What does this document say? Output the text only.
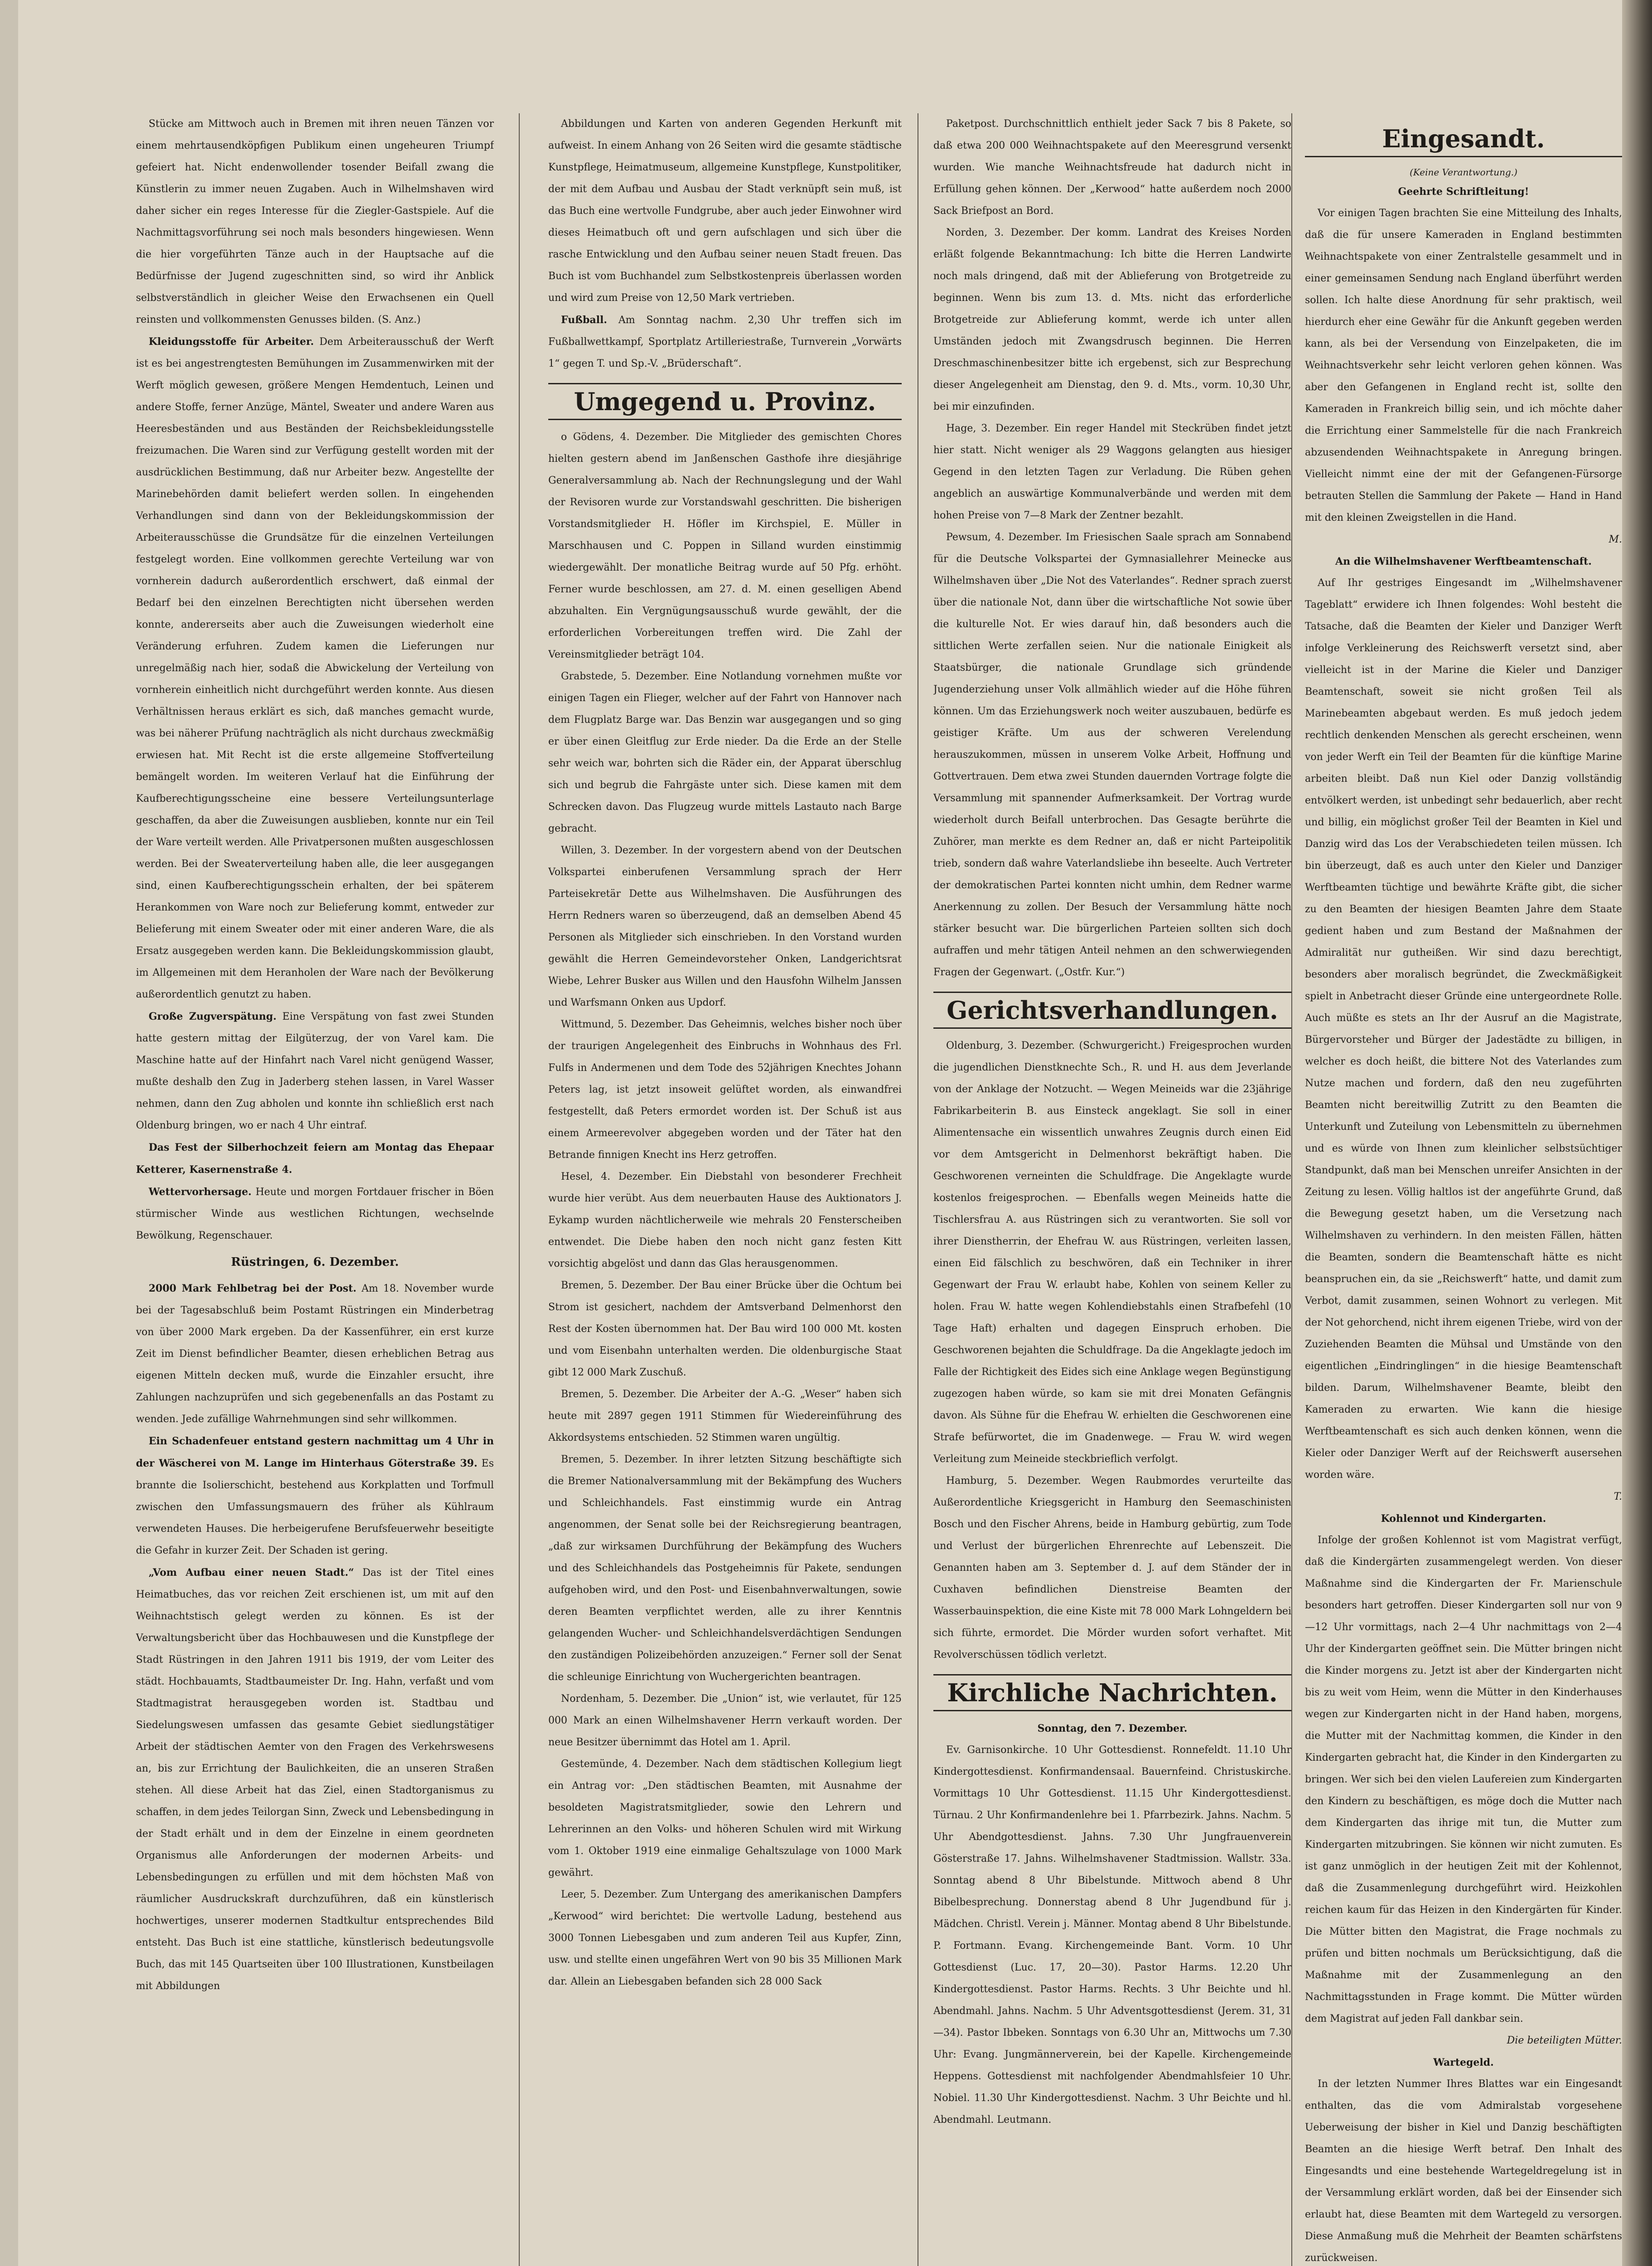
Stücke am Mittwoch auch in Bremen mit ihren neuen Tänzen vor einem mehrtausendköpfigen Publikum einen ungeheuren Triumpf gefeiert hat. Nicht endenwollender tosender Beifall zwang die Künstlerin zu immer neuen Zugaben. Auch in Wilhelmshaven wird daher sicher ein reges Interesse für die Ziegler-Gastspiele. Auf die Nachmittagsvorführung sei noch mals besonders hingewiesen. Wenn die hier vorgeführten Tänze auch in der Hauptsache auf die Bedürfnisse der Jugend zugeschnitten sind, so wird ihr Anblick selbstverständlich in gleicher Weise den Erwachsenen ein Quell reinsten und vollkommensten Genusses bilden. (S. Anz.)

Kleidungsstoffe für Arbeiter. Dem Arbeiterausschuß der Werft ist es bei angestrengtesten Bemühungen im Zusammenwirken mit der Werft möglich gewesen, größere Mengen Hemdentuch, Leinen und andere Stoffe, ferner Anzüge, Mäntel, Sweater und andere Waren aus Heeresbeständen und aus Beständen der Reichsbekleidungsstelle freizumachen. Die Waren sind zur Verfügung gestellt worden mit der ausdrücklichen Bestimmung, daß nur Arbeiter bezw. Angestellte der Marinebehörden damit beliefert werden sollen. In eingehenden Verhandlungen sind dann von der Bekleidungskommission der Arbeiterausschüsse die Grundsätze für die einzelnen Verteilungen festgelegt worden. Eine vollkommen gerechte Verteilung war von vornherein dadurch außerordentlich erschwert, daß einmal der Bedarf bei den einzelnen Berechtigten nicht übersehen werden konnte, andererseits aber auch die Zuweisungen wiederholt eine Veränderung erfuhren. Zudem kamen die Lieferungen nur unregelmäßig nach hier, sodaß die Abwickelung der Verteilung von vornherein einheitlich nicht durchgeführt werden konnte. Aus diesen Verhältnissen heraus erklärt es sich, daß manches gemacht wurde, was bei näherer Prüfung nachträglich als nicht durchaus zweckmäßig erwiesen hat. Mit Recht ist die erste allgemeine Stoffverteilung bemängelt worden. Im weiteren Verlauf hat die Einführung der Kaufberechtigungsscheine eine bessere Verteilungsunterlage geschaffen, da aber die Zuweisungen ausblieben, konnte nur ein Teil der Ware verteilt werden. Alle Privatpersonen mußten ausgeschlossen werden. Bei der Sweaterverteilung haben alle, die leer ausgegangen sind, einen Kaufberechtigungsschein erhalten, der bei späterem Herankommen von Ware noch zur Belieferung kommt, entweder zur Belieferung mit einem Sweater oder mit einer anderen Ware, die als Ersatz ausgegeben werden kann. Die Bekleidungskommission glaubt, im Allgemeinen mit dem Heranholen der Ware nach der Bevölkerung außerordentlich genutzt zu haben.

Große Zugverspätung. Eine Verspätung von fast zwei Stunden hatte gestern mittag der Eilgüterzug, der von Varel kam. Die Maschine hatte auf der Hinfahrt nach Varel nicht genügend Wasser, mußte deshalb den Zug in Jaderberg stehen lassen, in Varel Wasser nehmen, dann den Zug abholen und konnte ihn schließlich erst nach Oldenburg bringen, wo er nach 4 Uhr eintraf.

Das Fest der Silberhochzeit feiern am Montag das Ehepaar Ketterer, Kasernenstraße 4.

Wettervorhersage. Heute und morgen Fortdauer frischer in Böen stürmischer Winde aus westlichen Richtungen, wechselnde Bewölkung, Regenschauer.

Rüstringen, 6. Dezember.

2000 Mark Fehlbetrag bei der Post. Am 18. November wurde bei der Tagesabschluß beim Postamt Rüstringen ein Minderbetrag von über 2000 Mark ergeben. Da der Kassenführer, ein erst kurze Zeit im Dienst befindlicher Beamter, diesen erheblichen Betrag aus eigenen Mitteln decken muß, wurde die Einzahler ersucht, ihre Zahlungen nachzuprüfen und sich gegebenenfalls an das Postamt zu wenden. Jede zufällige Wahrnehmungen sind sehr willkommen.

Ein Schadenfeuer entstand gestern nachmittag um 4 Uhr in der Wäscherei von M. Lange im Hinterhaus Göterstraße 39. Es brannte die Isolierschicht, bestehend aus Korkplatten und Torfmull zwischen den Umfassungsmauern des früher als Kühlraum verwendeten Hauses. Die herbeigerufene Berufsfeuerwehr beseitigte die Gefahr in kurzer Zeit. Der Schaden ist gering.

„Vom Aufbau einer neuen Stadt.“ Das ist der Titel eines Heimatbuches, das vor reichen Zeit erschienen ist, um mit auf den Weihnachtstisch gelegt werden zu können. Es ist der Verwaltungsbericht über das Hochbauwesen und die Kunstpflege der Stadt Rüstringen in den Jahren 1911 bis 1919, der vom Leiter des städt. Hochbauamts, Stadtbaumeister Dr. Ing. Hahn, verfaßt und vom Stadtmagistrat herausgegeben worden ist. Stadtbau und Siedelungswesen umfassen das gesamte Gebiet siedlungstätiger Arbeit der städtischen Aemter von den Fragen des Verkehrswesens an, bis zur Errichtung der Baulichkeiten, die an unseren Straßen stehen. All diese Arbeit hat das Ziel, einen Stadtorganismus zu schaffen, in dem jedes Teilorgan Sinn, Zweck und Lebensbedingung in der Stadt erhält und in dem der Einzelne in einem geordneten Organismus alle Anforderungen der modernen Arbeits- und Lebensbedingungen zu erfüllen und mit dem höchsten Maß von räumlicher Ausdruckskraft durchzuführen, daß ein künstlerisch hochwertiges, unserer modernen Stadtkultur entsprechendes Bild entsteht. Das Buch ist eine stattliche, künstlerisch bedeutungsvolle Buch, das mit 145 Quartseiten über 100 Illustrationen, Kunstbeilagen mit Abbildungen

Abbildungen und Karten von anderen Gegenden Herkunft mit aufweist. In einem Anhang von 26 Seiten wird die gesamte städtische Kunstpflege, Heimatmuseum, allgemeine Kunstpflege, Kunstpolitiker, der mit dem Aufbau und Ausbau der Stadt verknüpft sein muß, ist das Buch eine wertvolle Fundgrube, aber auch jeder Einwohner wird dieses Heimatbuch oft und gern aufschlagen und sich über die rasche Entwicklung und den Aufbau seiner neuen Stadt freuen. Das Buch ist vom Buchhandel zum Selbstkostenpreis überlassen worden und wird zum Preise von 12,50 Mark vertrieben.

Fußball. Am Sonntag nachm. 2,30 Uhr treffen sich im Fußballwettkampf, Sportplatz Artilleriestraße, Turnverein „Vorwärts 1“ gegen T. und Sp.-V. „Brüderschaft“.

Umgegend u. Provinz.

o Gödens, 4. Dezember. Die Mitglieder des gemischten Chores hielten gestern abend im Janßenschen Gasthofe ihre diesjährige Generalversammlung ab. Nach der Rechnungslegung und der Wahl der Revisoren wurde zur Vorstandswahl geschritten. Die bisherigen Vorstandsmitglieder H. Höfler im Kirchspiel, E. Müller in Marschhausen und C. Poppen in Silland wurden einstimmig wiedergewählt. Der monatliche Beitrag wurde auf 50 Pfg. erhöht. Ferner wurde beschlossen, am 27. d. M. einen geselligen Abend abzuhalten. Ein Vergnügungsausschuß wurde gewählt, der die erforderlichen Vorbereitungen treffen wird. Die Zahl der Vereinsmitglieder beträgt 104.

Grabstede, 5. Dezember. Eine Notlandung vornehmen mußte vor einigen Tagen ein Flieger, welcher auf der Fahrt von Hannover nach dem Flugplatz Barge war. Das Benzin war ausgegangen und so ging er über einen Gleitflug zur Erde nieder. Da die Erde an der Stelle sehr weich war, bohrten sich die Räder ein, der Apparat überschlug sich und begrub die Fahrgäste unter sich. Diese kamen mit dem Schrecken davon. Das Flugzeug wurde mittels Lastauto nach Barge gebracht.

Willen, 3. Dezember. In der vorgestern abend von der Deutschen Volkspartei einberufenen Versammlung sprach der Herr Parteisekretär Dette aus Wilhelmshaven. Die Ausführungen des Herrn Redners waren so überzeugend, daß an demselben Abend 45 Personen als Mitglieder sich einschrieben. In den Vorstand wurden gewählt die Herren Gemeindevorsteher Onken, Landgerichtsrat Wiebe, Lehrer Busker aus Willen und den Hausfohn Wilhelm Janssen und Warfsmann Onken aus Updorf.

Wittmund, 5. Dezember. Das Geheimnis, welches bisher noch über der traurigen Angelegenheit des Einbruchs in Wohnhaus des Frl. Fulfs in Andermenen und dem Tode des 52jährigen Knechtes Johann Peters lag, ist jetzt insoweit gelüftet worden, als einwandfrei festgestellt, daß Peters ermordet worden ist. Der Schuß ist aus einem Armeerevolver abgegeben worden und der Täter hat den Betrande finnigen Knecht ins Herz getroffen.

Hesel, 4. Dezember. Ein Diebstahl von besonderer Frechheit wurde hier verübt. Aus dem neuerbauten Hause des Auktionators J. Eykamp wurden nächtlicherweile wie mehrals 20 Fensterscheiben entwendet. Die Diebe haben den noch nicht ganz festen Kitt vorsichtig abgelöst und dann das Glas herausgenommen.

Bremen, 5. Dezember. Der Bau einer Brücke über die Ochtum bei Strom ist gesichert, nachdem der Amtsverband Delmenhorst den Rest der Kosten übernommen hat. Der Bau wird 100 000 Mt. kosten und vom Eisenbahn unterhalten werden. Die oldenburgische Staat gibt 12 000 Mark Zuschuß.

Bremen, 5. Dezember. Die Arbeiter der A.-G. „Weser“ haben sich heute mit 2897 gegen 1911 Stimmen für Wiedereinführung des Akkordsystems entschieden. 52 Stimmen waren ungültig.

Bremen, 5. Dezember. In ihrer letzten Sitzung beschäftigte sich die Bremer Nationalversammlung mit der Bekämpfung des Wuchers und Schleichhandels. Fast einstimmig wurde ein Antrag angenommen, der Senat solle bei der Reichsregierung beantragen, „daß zur wirksamen Durchführung der Bekämpfung des Wuchers und des Schleichhandels das Postgeheimnis für Pakete, sendungen aufgehoben wird, und den Post- und Eisenbahnverwaltungen, sowie deren Beamten verpflichtet werden, alle zu ihrer Kenntnis gelangenden Wucher- und Schleichhandelsverdächtigen Sendungen den zuständigen Polizeibehörden anzuzeigen.“ Ferner soll der Senat die schleunige Einrichtung von Wuchergerichten beantragen.

Nordenham, 5. Dezember. Die „Union“ ist, wie verlautet, für 125 000 Mark an einen Wilhelmshavener Herrn verkauft worden. Der neue Besitzer übernimmt das Hotel am 1. April.

Gestemünde, 4. Dezember. Nach dem städtischen Kollegium liegt ein Antrag vor: „Den städtischen Beamten, mit Ausnahme der besoldeten Magistratsmitglieder, sowie den Lehrern und Lehrerinnen an den Volks- und höheren Schulen wird mit Wirkung vom 1. Oktober 1919 eine einmalige Gehaltszulage von 1000 Mark gewährt.

Leer, 5. Dezember. Zum Untergang des amerikanischen Dampfers „Kerwood“ wird berichtet: Die wertvolle Ladung, bestehend aus 3000 Tonnen Liebesgaben und zum anderen Teil aus Kupfer, Zinn, usw. und stellte einen ungefähren Wert von 90 bis 35 Millionen Mark dar. Allein an Liebesgaben befanden sich 28 000 Sack

Paketpost. Durchschnittlich enthielt jeder Sack 7 bis 8 Pakete, so daß etwa 200 000 Weihnachtspakete auf den Meeresgrund versenkt wurden. Wie manche Weihnachtsfreude hat dadurch nicht in Erfüllung gehen können. Der „Kerwood“ hatte außerdem noch 2000 Sack Briefpost an Bord.

Norden, 3. Dezember. Der komm. Landrat des Kreises Norden erläßt folgende Bekanntmachung: Ich bitte die Herren Landwirte noch mals dringend, daß mit der Ablieferung von Brotgetreide zu beginnen. Wenn bis zum 13. d. Mts. nicht das erforderliche Brotgetreide zur Ablieferung kommt, werde ich unter allen Umständen jedoch mit Zwangsdrusch beginnen. Die Herren Dreschmaschinenbesitzer bitte ich ergebenst, sich zur Besprechung dieser Angelegenheit am Dienstag, den 9. d. Mts., vorm. 10,30 Uhr, bei mir einzufinden.

Hage, 3. Dezember. Ein reger Handel mit Steckrüben findet jetzt hier statt. Nicht weniger als 29 Waggons gelangten aus hiesiger Gegend in den letzten Tagen zur Verladung. Die Rüben gehen angeblich an auswärtige Kommunalverbände und werden mit dem hohen Preise von 7—8 Mark der Zentner bezahlt.

Pewsum, 4. Dezember. Im Friesischen Saale sprach am Sonnabend für die Deutsche Volkspartei der Gymnasiallehrer Meinecke aus Wilhelmshaven über „Die Not des Vaterlandes“. Redner sprach zuerst über die nationale Not, dann über die wirtschaftliche Not sowie über die kulturelle Not. Er wies darauf hin, daß besonders auch die sittlichen Werte zerfallen seien. Nur die nationale Einigkeit als Staatsbürger, die nationale Grundlage sich gründende Jugenderziehung unser Volk allmählich wieder auf die Höhe führen können. Um das Erziehungswerk noch weiter auszubauen, bedürfe es geistiger Kräfte. Um aus der schweren Verelendung herauszukommen, müssen in unserem Volke Arbeit, Hoffnung und Gottvertrauen. Dem etwa zwei Stunden dauernden Vortrage folgte die Versammlung mit spannender Aufmerksamkeit. Der Vortrag wurde wiederholt durch Beifall unterbrochen. Das Gesagte berührte die Zuhörer, man merkte es dem Redner an, daß er nicht Parteipolitik trieb, sondern daß wahre Vaterlandsliebe ihn beseelte. Auch Vertreter der demokratischen Partei konnten nicht umhin, dem Redner warme Anerkennung zu zollen. Der Besuch der Versammlung hätte noch stärker besucht war. Die bürgerlichen Parteien sollten sich doch aufraffen und mehr tätigen Anteil nehmen an den schwerwiegenden Fragen der Gegenwart. („Ostfr. Kur.“)

Gerichtsverhandlungen.

Oldenburg, 3. Dezember. (Schwurgericht.) Freigesprochen wurden die jugendlichen Dienstknechte Sch., R. und H. aus dem Jeverlande von der Anklage der Notzucht. — Wegen Meineids war die 23jährige Fabrikarbeiterin B. aus Einsteck angeklagt. Sie soll in einer Alimentensache ein wissentlich unwahres Zeugnis durch einen Eid vor dem Amtsgericht in Delmenhorst bekräftigt haben. Die Geschworenen verneinten die Schuldfrage. Die Angeklagte wurde kostenlos freigesprochen. — Ebenfalls wegen Meineids hatte die Tischlersfrau A. aus Rüstringen sich zu verantworten. Sie soll vor ihrer Dienstherrin, der Ehefrau W. aus Rüstringen, verleiten lassen, einen Eid fälschlich zu beschwören, daß ein Techniker in ihrer Gegenwart der Frau W. erlaubt habe, Kohlen von seinem Keller zu holen. Frau W. hatte wegen Kohlendiebstahls einen Strafbefehl (10 Tage Haft) erhalten und dagegen Einspruch erhoben. Die Geschworenen bejahten die Schuldfrage. Da die Angeklagte jedoch im Falle der Richtigkeit des Eides sich eine Anklage wegen Begünstigung zugezogen haben würde, so kam sie mit drei Monaten Gefängnis davon. Als Sühne für die Ehefrau W. erhielten die Geschworenen eine Strafe befürwortet, die im Gnadenwege. — Frau W. wird wegen Verleitung zum Meineide steckbrieflich verfolgt.

Hamburg, 5. Dezember. Wegen Raubmordes verurteilte das Außerordentliche Kriegsgericht in Hamburg den Seemaschinisten Bosch und den Fischer Ahrens, beide in Hamburg gebürtig, zum Tode und Verlust der bürgerlichen Ehrenrechte auf Lebenszeit. Die Genannten haben am 3. September d. J. auf dem Ständer der in Cuxhaven befindlichen Dienstreise Beamten der Wasserbauinspektion, die eine Kiste mit 78 000 Mark Lohngeldern bei sich führte, ermordet. Die Mörder wurden sofort verhaftet. Mit Revolverschüssen tödlich verletzt.

Kirchliche Nachrichten.
Sonntag, den 7. Dezember.

Ev. Garnisonkirche. 10 Uhr Gottesdienst. Ronnefeldt. 11.10 Uhr Kindergottesdienst. Konfirmandensaal. Bauernfeind. Christuskirche. Vormittags 10 Uhr Gottesdienst. 11.15 Uhr Kindergottesdienst. Türnau. 2 Uhr Konfirmandenlehre bei 1. Pfarrbezirk. Jahns. Nachm. 5 Uhr Abendgottesdienst. Jahns. 7.30 Uhr Jungfrauenverein Gösterstraße 17. Jahns. Wilhelmshavener Stadtmission. Wallstr. 33a. Sonntag abend 8 Uhr Bibelstunde. Mittwoch abend 8 Uhr Bibelbesprechung. Donnerstag abend 8 Uhr Jugendbund für j. Mädchen. Christl. Verein j. Männer. Montag abend 8 Uhr Bibelstunde. P. Fortmann. Evang. Kirchengemeinde Bant. Vorm. 10 Uhr Gottesdienst (Luc. 17, 20—30). Pastor Harms. 12.20 Uhr Kindergottesdienst. Pastor Harms. Rechts. 3 Uhr Beichte und hl. Abendmahl. Jahns. Nachm. 5 Uhr Adventsgottesdienst (Jerem. 31, 31—34). Pastor Ibbeken. Sonntags von 6.30 Uhr an, Mittwochs um 7.30 Uhr: Evang. Jungmännerverein, bei der Kapelle. Kirchengemeinde Heppens. Gottesdienst mit nachfolgender Abendmahlsfeier 10 Uhr. Nobiel. 11.30 Uhr Kindergottesdienst. Nachm. 3 Uhr Beichte und hl. Abendmahl. Leutmann.

Eingesandt.
(Keine Verantwortung.)
Geehrte Schriftleitung!

Vor einigen Tagen brachten Sie eine Mitteilung des Inhalts, daß die für unsere Kameraden in England bestimmten Weihnachtspakete von einer Zentralstelle gesammelt und in einer gemeinsamen Sendung nach England überführt werden sollen. Ich halte diese Anordnung für sehr praktisch, weil hierdurch eher eine Gewähr für die Ankunft gegeben werden kann, als bei der Versendung von Einzelpaketen, die im Weihnachtsverkehr sehr leicht verloren gehen können. Was aber den Gefangenen in England recht ist, sollte den Kameraden in Frankreich billig sein, und ich möchte daher die Errichtung einer Sammelstelle für die nach Frankreich abzusendenden Weihnachtspakete in Anregung bringen. Vielleicht nimmt eine der mit der Gefangenen-Fürsorge betrauten Stellen die Sammlung der Pakete — Hand in Hand mit den kleinen Zweigstellen in die Hand.

M.
An die Wilhelmshavener Werftbeamtenschaft.

Auf Ihr gestriges Eingesandt im „Wilhelmshavener Tageblatt“ erwidere ich Ihnen folgendes: Wohl besteht die Tatsache, daß die Beamten der Kieler und Danziger Werft infolge Verkleinerung des Reichswerft versetzt sind, aber vielleicht ist in der Marine die Kieler und Danziger Beamtenschaft, soweit sie nicht großen Teil als Marinebeamten abgebaut werden. Es muß jedoch jedem rechtlich denkenden Menschen als gerecht erscheinen, wenn von jeder Werft ein Teil der Beamten für die künftige Marine arbeiten bleibt. Daß nun Kiel oder Danzig vollständig entvölkert werden, ist unbedingt sehr bedauerlich, aber recht und billig, ein möglichst großer Teil der Beamten in Kiel und Danzig wird das Los der Verabschiedeten teilen müssen. Ich bin überzeugt, daß es auch unter den Kieler und Danziger Werftbeamten tüchtige und bewährte Kräfte gibt, die sicher zu den Beamten der hiesigen Beamten Jahre dem Staate gedient haben und zum Bestand der Maßnahmen der Admiralität nur gutheißen. Wir sind dazu berechtigt, besonders aber moralisch begründet, die Zweckmäßigkeit spielt in Anbetracht dieser Gründe eine untergeordnete Rolle. Auch müßte es stets an Ihr der Ausruf an die Magistrate, Bürgervorsteher und Bürger der Jadestädte zu billigen, in welcher es doch heißt, die bittere Not des Vaterlandes zum Nutze machen und fordern, daß den neu zugeführten Beamten nicht bereitwillig Zutritt zu den Beamten die Unterkunft und Zuteilung von Lebensmitteln zu übernehmen und es würde von Ihnen zum kleinlicher selbstsüchtiger Standpunkt, daß man bei Menschen unreifer Ansichten in der Zeitung zu lesen. Völlig haltlos ist der angeführte Grund, daß die Bewegung gesetzt haben, um die Versetzung nach Wilhelmshaven zu verhindern. In den meisten Fällen, hätten die Beamten, sondern die Beamtenschaft hätte es nicht beanspruchen ein, da sie „Reichswerft“ hatte, und damit zum Verbot, damit zusammen, seinen Wohnort zu verlegen. Mit der Not gehorchend, nicht ihrem eigenen Triebe, wird von der Zuziehenden Beamten die Mühsal und Umstände von den eigentlichen „Eindringlingen“ in die hiesige Beamtenschaft bilden. Darum, Wilhelmshavener Beamte, bleibt den Kameraden zu erwarten. Wie kann die hiesige Werftbeamtenschaft es sich auch denken können, wenn die Kieler oder Danziger Werft auf der Reichswerft ausersehen worden wäre.

T.
Kohlennot und Kindergarten.

Infolge der großen Kohlennot ist vom Magistrat verfügt, daß die Kindergärten zusammengelegt werden. Von dieser Maßnahme sind die Kindergarten der Fr. Marienschule besonders hart getroffen. Dieser Kindergarten soll nur von 9—12 Uhr vormittags, nach 2—4 Uhr nachmittags von 2—4 Uhr der Kindergarten geöffnet sein. Die Mütter bringen nicht die Kinder morgens zu. Jetzt ist aber der Kindergarten nicht bis zu weit vom Heim, wenn die Mütter in den Kinderhauses wegen zur Kindergarten nicht in der Hand haben, morgens, die Mutter mit der Nachmittag kommen, die Kinder in den Kindergarten gebracht hat, die Kinder in den Kindergarten zu bringen. Wer sich bei den vielen Laufereien zum Kindergarten den Kindern zu beschäftigen, es möge doch die Mutter nach dem Kindergarten das ihrige mit tun, die Mutter zum Kindergarten mitzubringen. Sie können wir nicht zumuten. Es ist ganz unmöglich in der heutigen Zeit mit der Kohlennot, daß die Zusammenlegung durchgeführt wird. Heizkohlen reichen kaum für das Heizen in den Kindergärten für Kinder. Die Mütter bitten den Magistrat, die Frage nochmals zu prüfen und bitten nochmals um Berücksichtigung, daß die Maßnahme mit der Zusammenlegung an den Nachmittagsstunden in Frage kommt. Die Mütter würden dem Magistrat auf jeden Fall dankbar sein.

Die beteiligten Mütter.
Wartegeld.

In der letzten Nummer Ihres Blattes war ein Eingesandt enthalten, das die vom Admiralstab vorgesehene Ueberweisung der bisher in Kiel und Danzig beschäftigten Beamten an die hiesige Werft betraf. Den Inhalt des Eingesandts und eine bestehende Wartegeldregelung ist in der Versammlung erklärt worden, daß bei der Einsender sich erlaubt hat, diese Beamten mit dem Wartegeld zu versorgen. Diese Anmaßung muß die Mehrheit der Beamten schärfstens zurückweisen.
